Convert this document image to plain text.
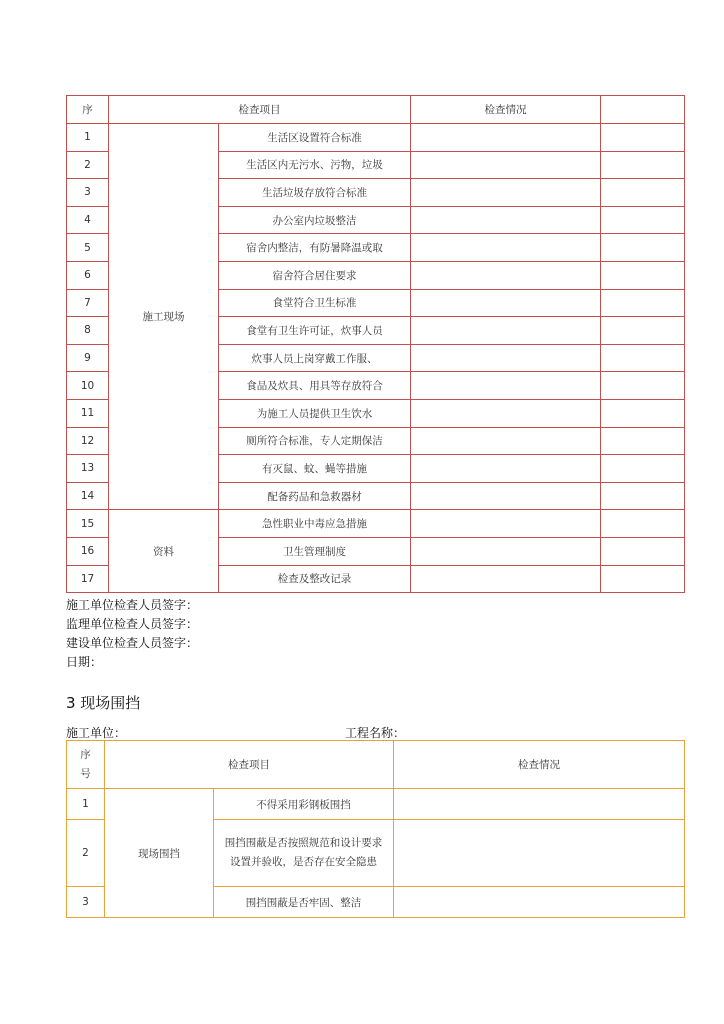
序	检查项目		检查情况	
1	施工现场	生活区设置符合标准		
2		生活区内无污水、污物，垃圾		
3		生活垃圾存放符合标准		
4		办公室内垃圾整洁		
5		宿舍内整洁，有防暑降温或取		
6		宿舍符合居住要求		
7		食堂符合卫生标准		
8		食堂有卫生许可证，炊事人员		
9		炊事人员上岗穿戴工作服、		
10		食品及炊具、用具等存放符合		
11		为施工人员提供卫生饮水		
12		厕所符合标准，专人定期保洁		
13		有灭鼠、蚊、蝇等措施		
14		配备药品和急救器材		
15	资料	急性职业中毒应急措施		
16		卫生管理制度		
17		检查及整改记录		
施工单位检查人员签字：
监理单位检查人员签字：
建设单位检查人员签字：
日期：
3 现场围挡
施工单位：	工程名称：
序
号	检查项目		检查情况
1	现场围挡	不得采用彩钢板围挡	
2		围挡围蔽是否按照规范和设计要求设置并验收，是否存在安全隐患	
3		围挡围蔽是否牢固、整洁	
